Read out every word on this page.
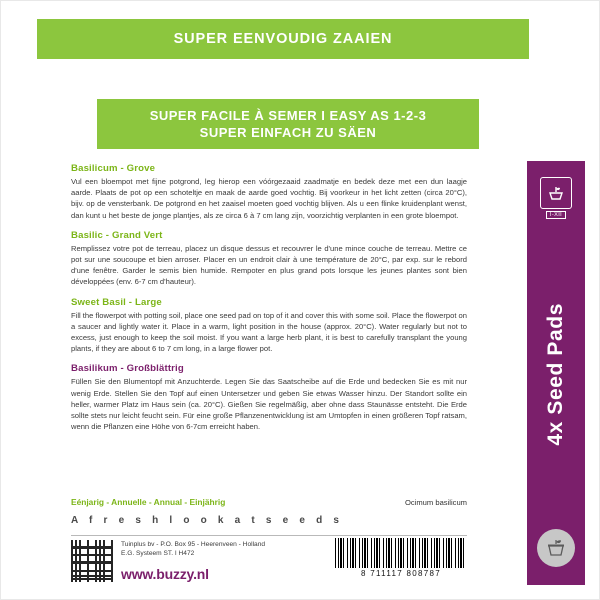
SUPER EENVOUDIG ZAAIEN
SUPER FACILE À SEMER I EASY AS 1-2-3
SUPER EINFACH ZU SÄEN

Basilicum - Grove

Vul een bloempot met fijne potgrond, leg hierop een vóórgezaaid zaadmatje en bedek deze met een dun laagje aarde. Plaats de pot op een schoteltje en maak de aarde goed vochtig. Bij voorkeur in het licht zetten (circa 20°C), bijv. op de vensterbank. De potgrond en het zaaisel moeten goed vochtig blijven. Als u een flinke kruidenplant wenst, dan kunt u het beste de jonge plantjes, als ze circa 6 à 7 cm lang zijn, voorzichtig verplanten in een grote bloempot.

Basilic - Grand Vert

Remplissez votre pot de terreau, placez un disque dessus et recouvrer le d'une mince couche de terreau. Mettre ce pot sur une soucoupe et bien arroser. Placer en un endroit clair à une température de 20°C, par exp. sur le rebord d'une fenêtre. Garder le semis bien humide. Rempoter en plus grand pots lorsque les jeunes plantes sont bien développées (env. 6-7 cm d'hauteur).

Sweet Basil - Large

Fill the flowerpot with potting soil, place one seed pad on top of it and cover this with some soil. Place the flowerpot on a saucer and lightly water it. Place in a warm, light position in the house (approx. 20°C). Water regularly but not to excess, just enough to keep the soil moist. If you want a large herb plant, it is best to carefully transplant the young plants, if they are about 6 to 7 cm long, in a large flower pot.

Basilikum - Großblättrig

Füllen Sie den Blumentopf mit Anzuchterde. Legen Sie das Saatscheibe auf die Erde und bedecken Sie es mit nur wenig Erde. Stellen Sie den Topf auf einen Untersetzer und geben Sie etwas Wasser hinzu. Der Standort sollte ein heller, warmer Platz im Haus sein (ca. 20°C). Gießen Sie regelmäßig, aber ohne dass Staunässe entsteht. Die Erde sollte stets nur leicht feucht sein. Für eine große Pflanzenentwicklung ist am Umtopfen in einen größeren Topf ratsam, wenn die Pflanzen eine Höhe von 6-7cm erreicht haben.

Eénjarig - Annuelle - Annual - Einjährig	Ocimum basilicum
A f r e s h l o o k a t s e e d s
Tuinplus bv - P.O. Box 95 - Heerenveen - Holland
E.G. Systeem ST. I H472
www.buzzy.nl	8 711117 808787
I-XII
4x Seed Pads
